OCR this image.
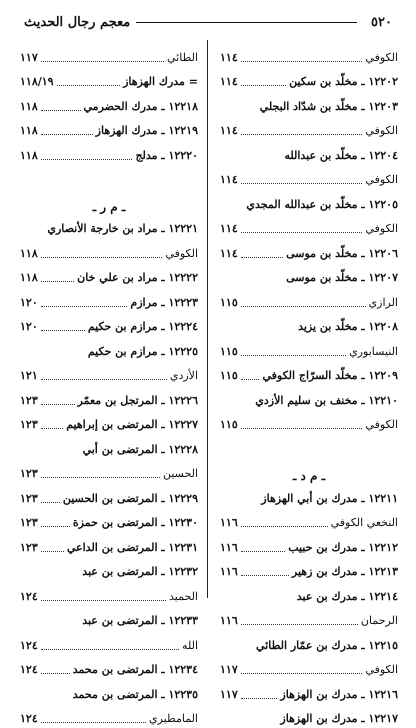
٥٢٠
معجم رجال الحديث
الكوفي
١١٤
١٢٢٠٢ ـ مخلّد بن سكين
١١٤
١٢٢٠٣ ـ مخلّد بن شدّاد البجلي
الكوفي
١١٤
١٢٢٠٤ ـ مخلّد بن عبدالله
الكوفي
١١٤
١٢٢٠٥ ـ مخلّد بن عبدالله المجدي
الكوفي
١١٤
١٢٢٠٦ ـ مخلّد بن موسى
١١٤
١٢٢٠٧ ـ مخلّد بن موسى
الرازي
١١٥
١٢٢٠٨ ـ مخلّد بن يزيد
النيسابوري
١١٥
١٢٢٠٩ ـ مخلّد السرّاج الكوفي
١١٥
١٢٢١٠ ـ مخنف بن سليم الأزدي
الكوفي
١١٥
ـ م د ـ
١٢٢١١ ـ مدرك بن أبي الهزهاز
النخعي الكوفي
١١٦
١٢٢١٢ ـ مدرك بن حبيب
١١٦
١٢٢١٣ ـ مدرك بن زهير
١١٦
١٢٢١٤ ـ مدرك بن عبد
الرحمان
١١٦
١٢٢١٥ ـ مدرك بن عمّار الطائي
الكوفي
١١٧
١٢٢١٦ ـ مدرك بن الهزهاز
١١٧
١٢٢١٧ ـ مدرك بن الهزهاز
الطائي
١١٧
= مدرك الهزهاز
١١٨/١٩
١٢٢١٨ ـ مدرك الحضرمي
١١٨
١٢٢١٩ ـ مدرك الهزهاز
١١٨
١٢٢٢٠ ـ مدلج
١١٨
ـ م ر ـ
١٢٢٢١ ـ مراد بن خارجة الأنصاري
الكوفي
١١٨
١٢٢٢٢ ـ مراد بن علي خان
١١٨
١٢٢٢٣ ـ مرازم
١٢٠
١٢٢٢٤ ـ مرازم بن حكيم
١٢٠
١٢٢٢٥ ـ مرازم بن حكيم
الأزدي
١٢١
١٢٢٢٦ ـ المرتجل بن معمّر
١٢٣
١٢٢٢٧ ـ المرتضى بن إبراهيم
١٢٣
١٢٢٢٨ ـ المرتضى بن أبي
الحسين
١٢٣
١٢٢٢٩ ـ المرتضى بن الحسين
١٢٣
١٢٢٣٠ ـ المرتضى بن حمزة
١٢٣
١٢٢٣١ ـ المرتضى بن الداعي
١٢٣
١٢٢٣٢ ـ المرتضى بن عبد
الحميد
١٢٤
١٢٢٣٣ ـ المرتضى بن عبد
الله
١٢٤
١٢٢٣٤ ـ المرتضى بن محمد
١٢٤
١٢٢٣٥ ـ المرتضى بن محمد
المامطيري
١٢٤
